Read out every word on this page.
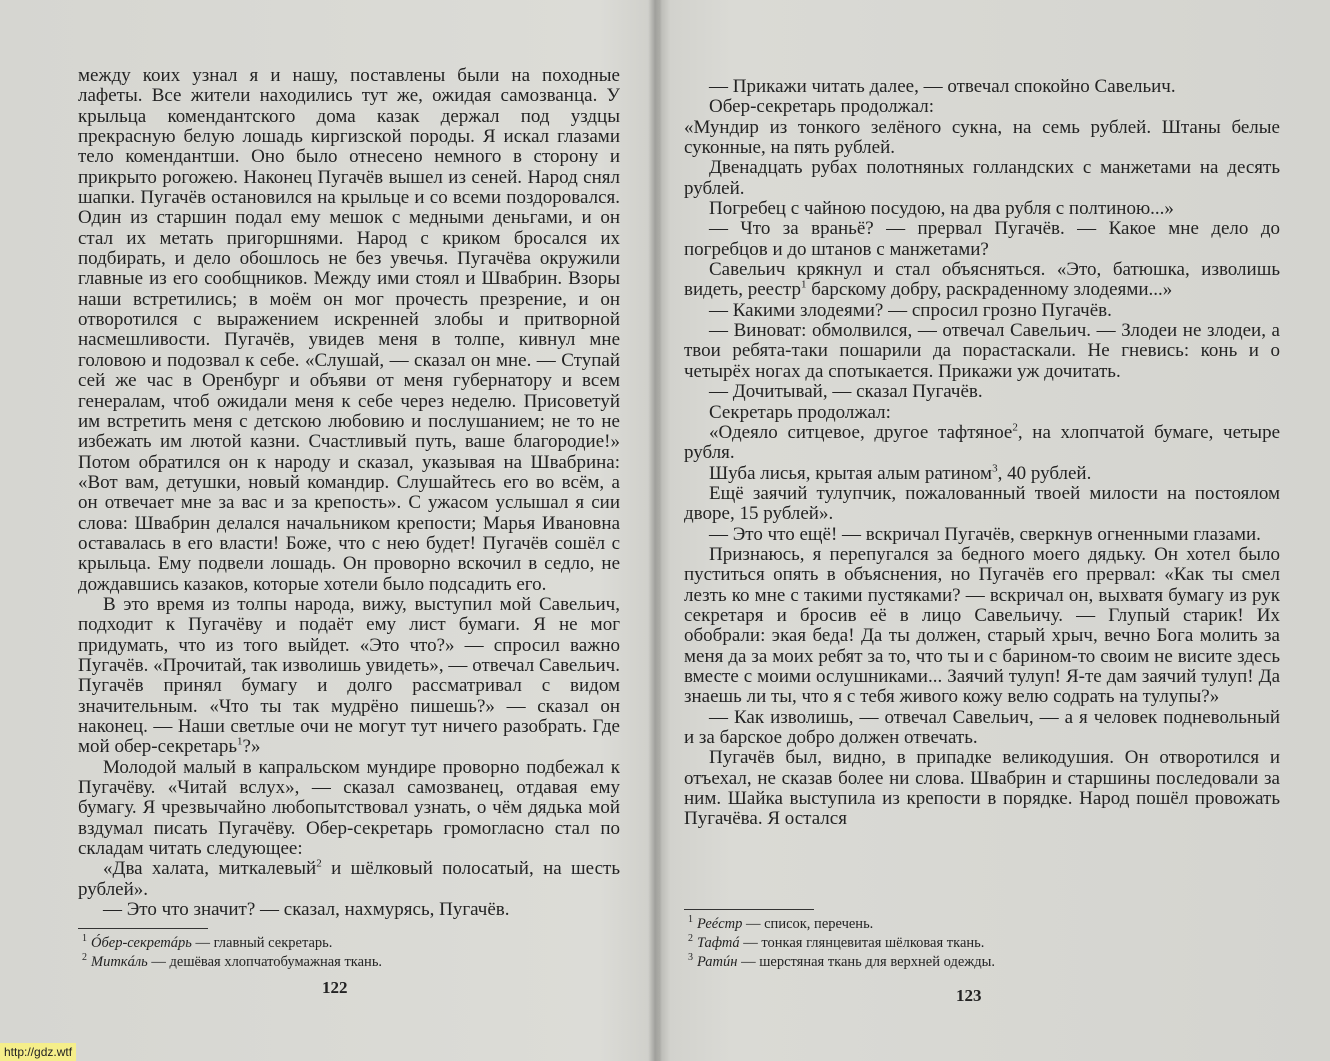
между коих узнал я и нашу, поставлены были на походные лафеты. Все жители находились тут же, ожидая самозванца. У крыльца комендантского дома казак держал под уздцы прекрасную белую лошадь киргизской породы. Я искал глазами тело комендантши. Оно было отнесено немного в сторону и прикрыто рогожею. Наконец Пугачёв вышел из сеней. Народ снял шапки. Пугачёв остановился на крыльце и со всеми поздоровался. Один из старшин подал ему мешок с медными деньгами, и он стал их метать пригоршнями. Народ с криком бросался их подбирать, и дело обошлось не без увечья. Пугачёва окружили главные из его сообщников. Между ими стоял и Швабрин. Взоры наши встретились; в моём он мог прочесть презрение, и он отворотился с выражением искренней злобы и притворной насмешливости. Пугачёв, увидев меня в толпе, кивнул мне головою и подозвал к себе. «Слушай, — сказал он мне. — Ступай сей же час в Оренбург и объяви от меня губернатору и всем генералам, чтоб ожидали меня к себе через неделю. Присоветуй им встретить меня с детскою любовию и послушанием; не то не избежать им лютой казни. Счастливый путь, ваше благородие!» Потом обратился он к народу и сказал, указывая на Швабрина: «Вот вам, детушки, новый командир. Слушайтесь его во всём, а он отвечает мне за вас и за крепость». С ужасом услышал я сии слова: Швабрин делался начальником крепости; Марья Ивановна оставалась в его власти! Боже, что с нею будет! Пугачёв сошёл с крыльца. Ему подвели лошадь. Он проворно вскочил в седло, не дождавшись казаков, которые хотели было подсадить его.

В это время из толпы народа, вижу, выступил мой Савельич, подходит к Пугачёву и подаёт ему лист бумаги. Я не мог придумать, что из того выйдет. «Это что?» — спросил важно Пугачёв. «Прочитай, так изволишь увидеть», — отвечал Савельич. Пугачёв принял бумагу и долго рассматривал с видом значительным. «Что ты так мудрёно пишешь?» — сказал он наконец. — Наши светлые очи не могут тут ничего разобрать. Где мой обер-секретарь$^1$?»

Молодой малый в капральском мундире проворно подбежал к Пугачёву. «Читай вслух», — сказал самозванец, отдавая ему бумагу. Я чрезвычайно любопытствовал узнать, о чём дядька мой вздумал писать Пугачёву. Обер-секретарь громогласно стал по складам читать следующее:

«Два халата, миткалевый$^2$ и шёлковый полосатый, на шесть рублей».

— Это что значит? — сказал, нахмурясь, Пугачёв.

$^1$ Óбер-секретáрь — главный секретарь.
$^2$ Миткáль — дешёвая хлопчатобумажная ткань.
122

— Прикажи читать далее, — отвечал спокойно Савельич.

Обер-секретарь продолжал:

«Мундир из тонкого зелёного сукна, на семь рублей. Штаны белые суконные, на пять рублей.

Двенадцать рубах полотняных голландских с манжетами на десять рублей.

Погребец с чайною посудою, на два рубля с полтиною...»

— Что за враньё? — прервал Пугачёв. — Какое мне дело до погребцов и до штанов с манжетами?

Савельич крякнул и стал объясняться. «Это, батюшка, изволишь видеть, реестр$^1$ барскому добру, раскраденному злодеями...»

— Какими злодеями? — спросил грозно Пугачёв.

— Виноват: обмолвился, — отвечал Савельич. — Злодеи не злодеи, а твои ребята-таки пошарили да порастаскали. Не гневись: конь и о четырёх ногах да спотыкается. Прикажи уж дочитать.

— Дочитывай, — сказал Пугачёв.

Секретарь продолжал:

«Одеяло ситцевое, другое тафтяное$^2$, на хлопчатой бумаге, четыре рубля.

Шуба лисья, крытая алым ратином$^3$, 40 рублей.

Ещё заячий тулупчик, пожалованный твоей милости на постоялом дворе, 15 рублей».

— Это что ещё! — вскричал Пугачёв, сверкнув огненными глазами.

Признаюсь, я перепугался за бедного моего дядьку. Он хотел было пуститься опять в объяснения, но Пугачёв его прервал: «Как ты смел лезть ко мне с такими пустяками? — вскричал он, выхватя бумагу из рук секретаря и бросив её в лицо Савельичу. — Глупый старик! Их обобрали: экая беда! Да ты должен, старый хрыч, вечно Бога молить за меня да за моих ребят за то, что ты и с барином-то своим не висите здесь вместе с моими ослушниками... Заячий тулуп! Я-те дам заячий тулуп! Да знаешь ли ты, что я с тебя живого кожу велю содрать на тулупы?»

— Как изволишь, — отвечал Савельич, — а я человек подневольный и за барское добро должен отвечать.

Пугачёв был, видно, в припадке великодушия. Он отворотился и отъехал, не сказав более ни слова. Швабрин и старшины последовали за ним. Шайка выступила из крепости в порядке. Народ пошёл провожать Пугачёва. Я остался

$^1$ Реéстр — список, перечень.
$^2$ Тафтá — тонкая глянцевитая шёлковая ткань.
$^3$ Ратúн — шерстяная ткань для верхней одежды.
123
http://gdz.wtf
